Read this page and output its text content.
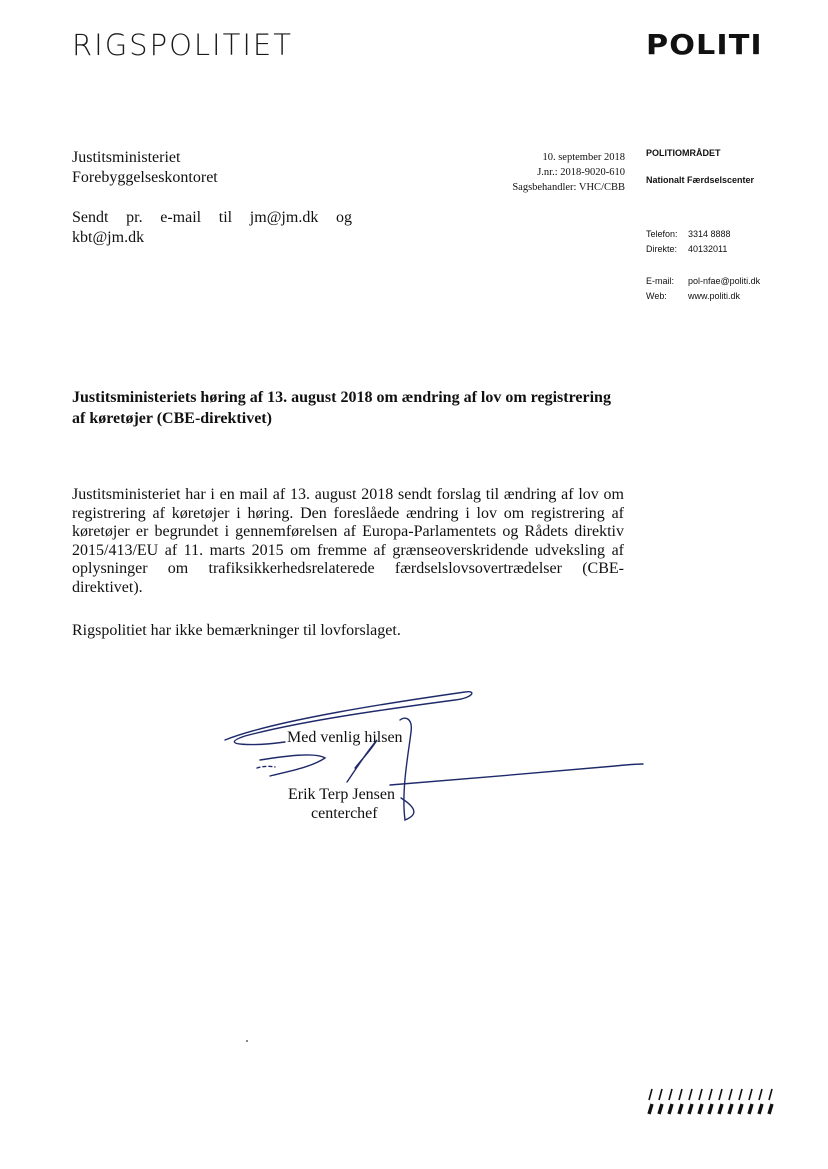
RIGSPOLITIET	POLITI
Justitsministeriet
Forebyggelseskontoret
Sendt pr. e-mail til jm@jm.dk og kbt@jm.dk
10. september 2018
J.nr.: 2018-9020-610
Sagsbehandler: VHC/CBB
POLITIOMRÅDET
Nationalt Færdselscenter
Telefon:	3314 8888
Direkte:	40132011
E-mail:	pol-nfae@politi.dk
Web:	www.politi.dk
Justitsministeriets høring af 13. august 2018 om ændring af lov om registrering af køretøjer (CBE-direktivet)
Justitsministeriet har i en mail af 13. august 2018 sendt forslag til ændring af lov om registrering af køretøjer i høring. Den foreslåede ændring i lov om registrering af køretøjer er begrundet i gennemførelsen af Europa-Parlamentets og Rådets direktiv 2015/413/EU af 11. marts 2015 om fremme af grænseoverskridende udveksling af oplysninger om trafiksikkerhedsrelaterede færdselslovsovertrædelser (CBE-direktivet).
Rigspolitiet har ikke bemærkninger til lovforslaget.
Med venlig hilsen
Erik Terp Jensen
centerchef
